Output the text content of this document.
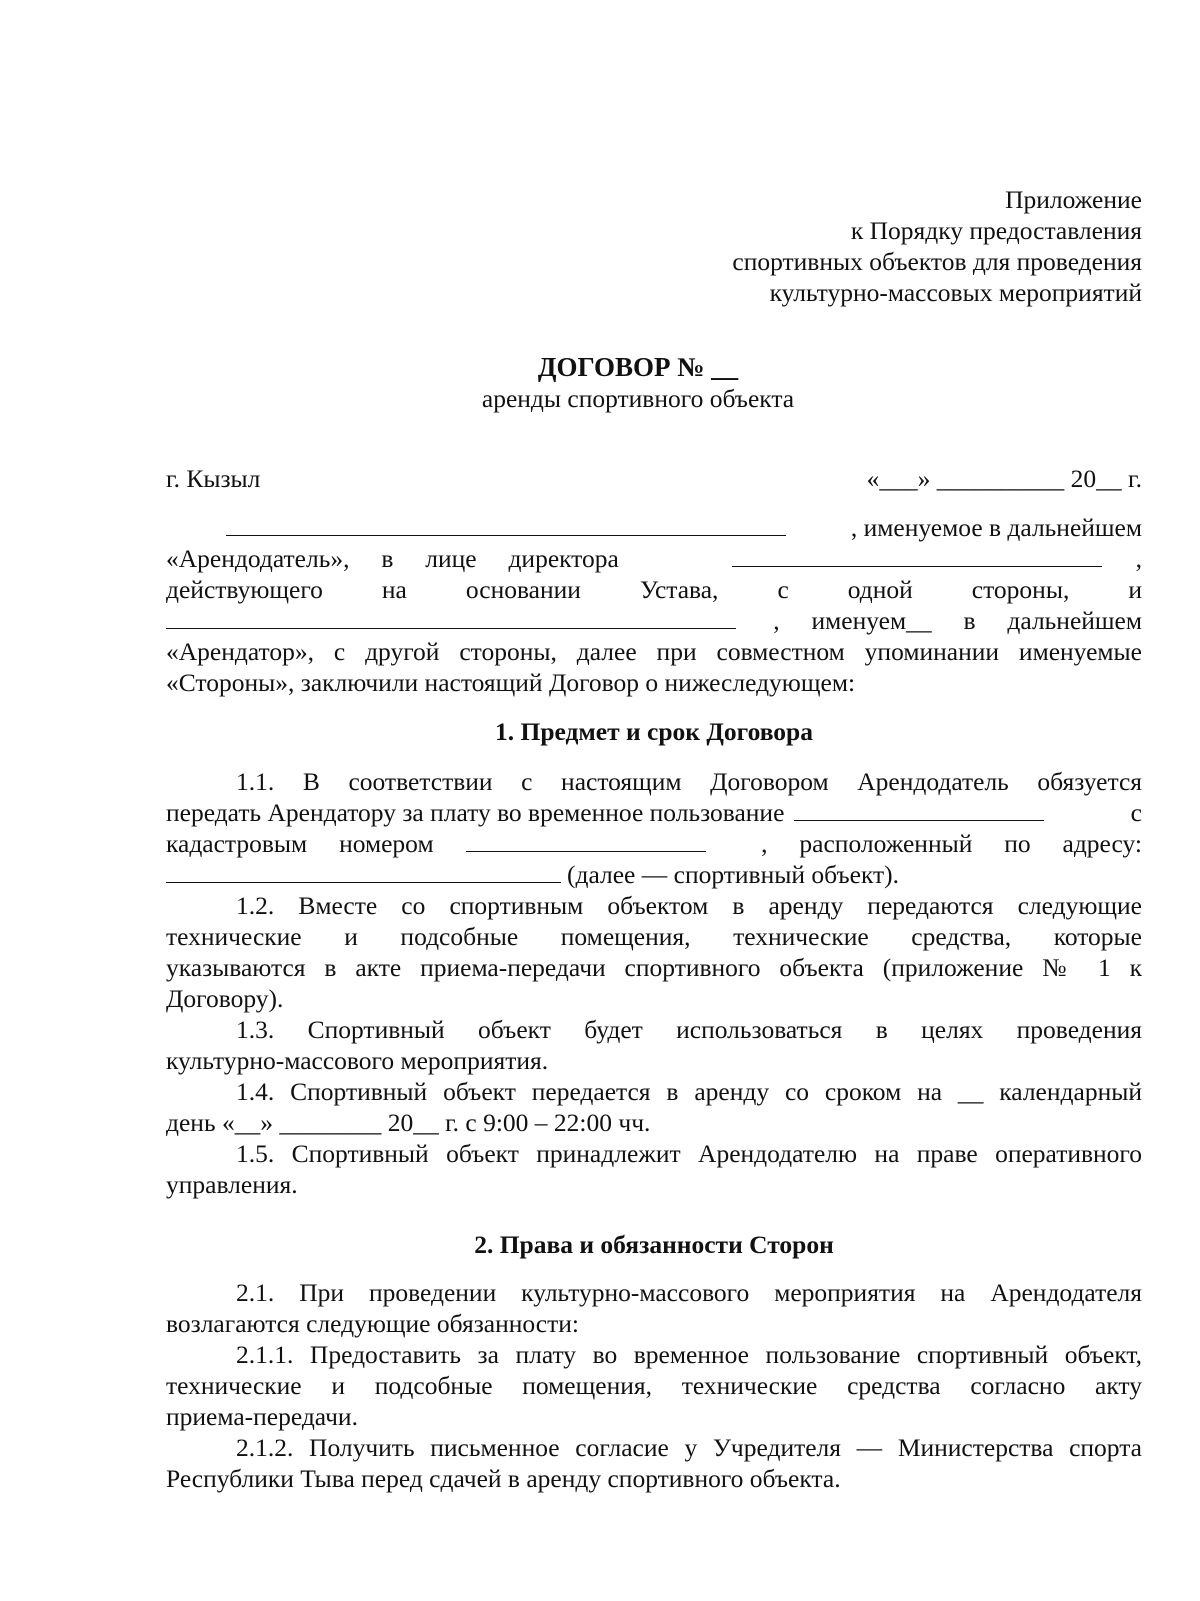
Приложение
к Порядку предоставления
спортивных объектов для проведения
культурно-массовых мероприятий
ДОГОВОР № __
аренды спортивного объекта
г. Кызыл	«___» __________ 20__ г.
, именуемое в дальнейшем
«Арендодатель»,     в     лице     директора	,
действующего     на     основании     Устава,     с     одной     стороны,     и
,     именуем__     в     дальнейшем
«Арендатор», с другой стороны, далее при совместном упоминании именуемые
«Стороны», заключили настоящий Договор о нижеследующем:
1. Предмет и срок Договора
1.1. В соответствии с настоящим Договором Арендодатель обязуется
передать Арендатору за плату во временное пользование	с
кадастровым     номером	,     расположенный     по     адресу:
(далее — спортивный объект).
1.2. Вместе со спортивным объектом в аренду передаются следующие
технические     и     подсобные     помещения,     технические     средства,     которые
указываются в акте приема-передачи спортивного объекта (приложение № 1 к
Договору).
1.3. Спортивный объект будет использоваться в целях проведения
культурно-массового мероприятия.
1.4. Спортивный объект передается в аренду со сроком на __ календарный
день «__» ________ 20__ г. с 9:00 – 22:00 чч.
1.5. Спортивный объект принадлежит Арендодателю на праве оперативного
управления.
2. Права и обязанности Сторон
2.1. При проведении культурно-массового мероприятия на Арендодателя
возлагаются следующие обязанности:
2.1.1. Предоставить за плату во временное пользование спортивный объект,
технические и подсобные помещения, технические средства согласно акту
приема-передачи.
2.1.2. Получить письменное согласие у Учредителя — Министерства спорта
Республики Тыва перед сдачей в аренду спортивного объекта.
